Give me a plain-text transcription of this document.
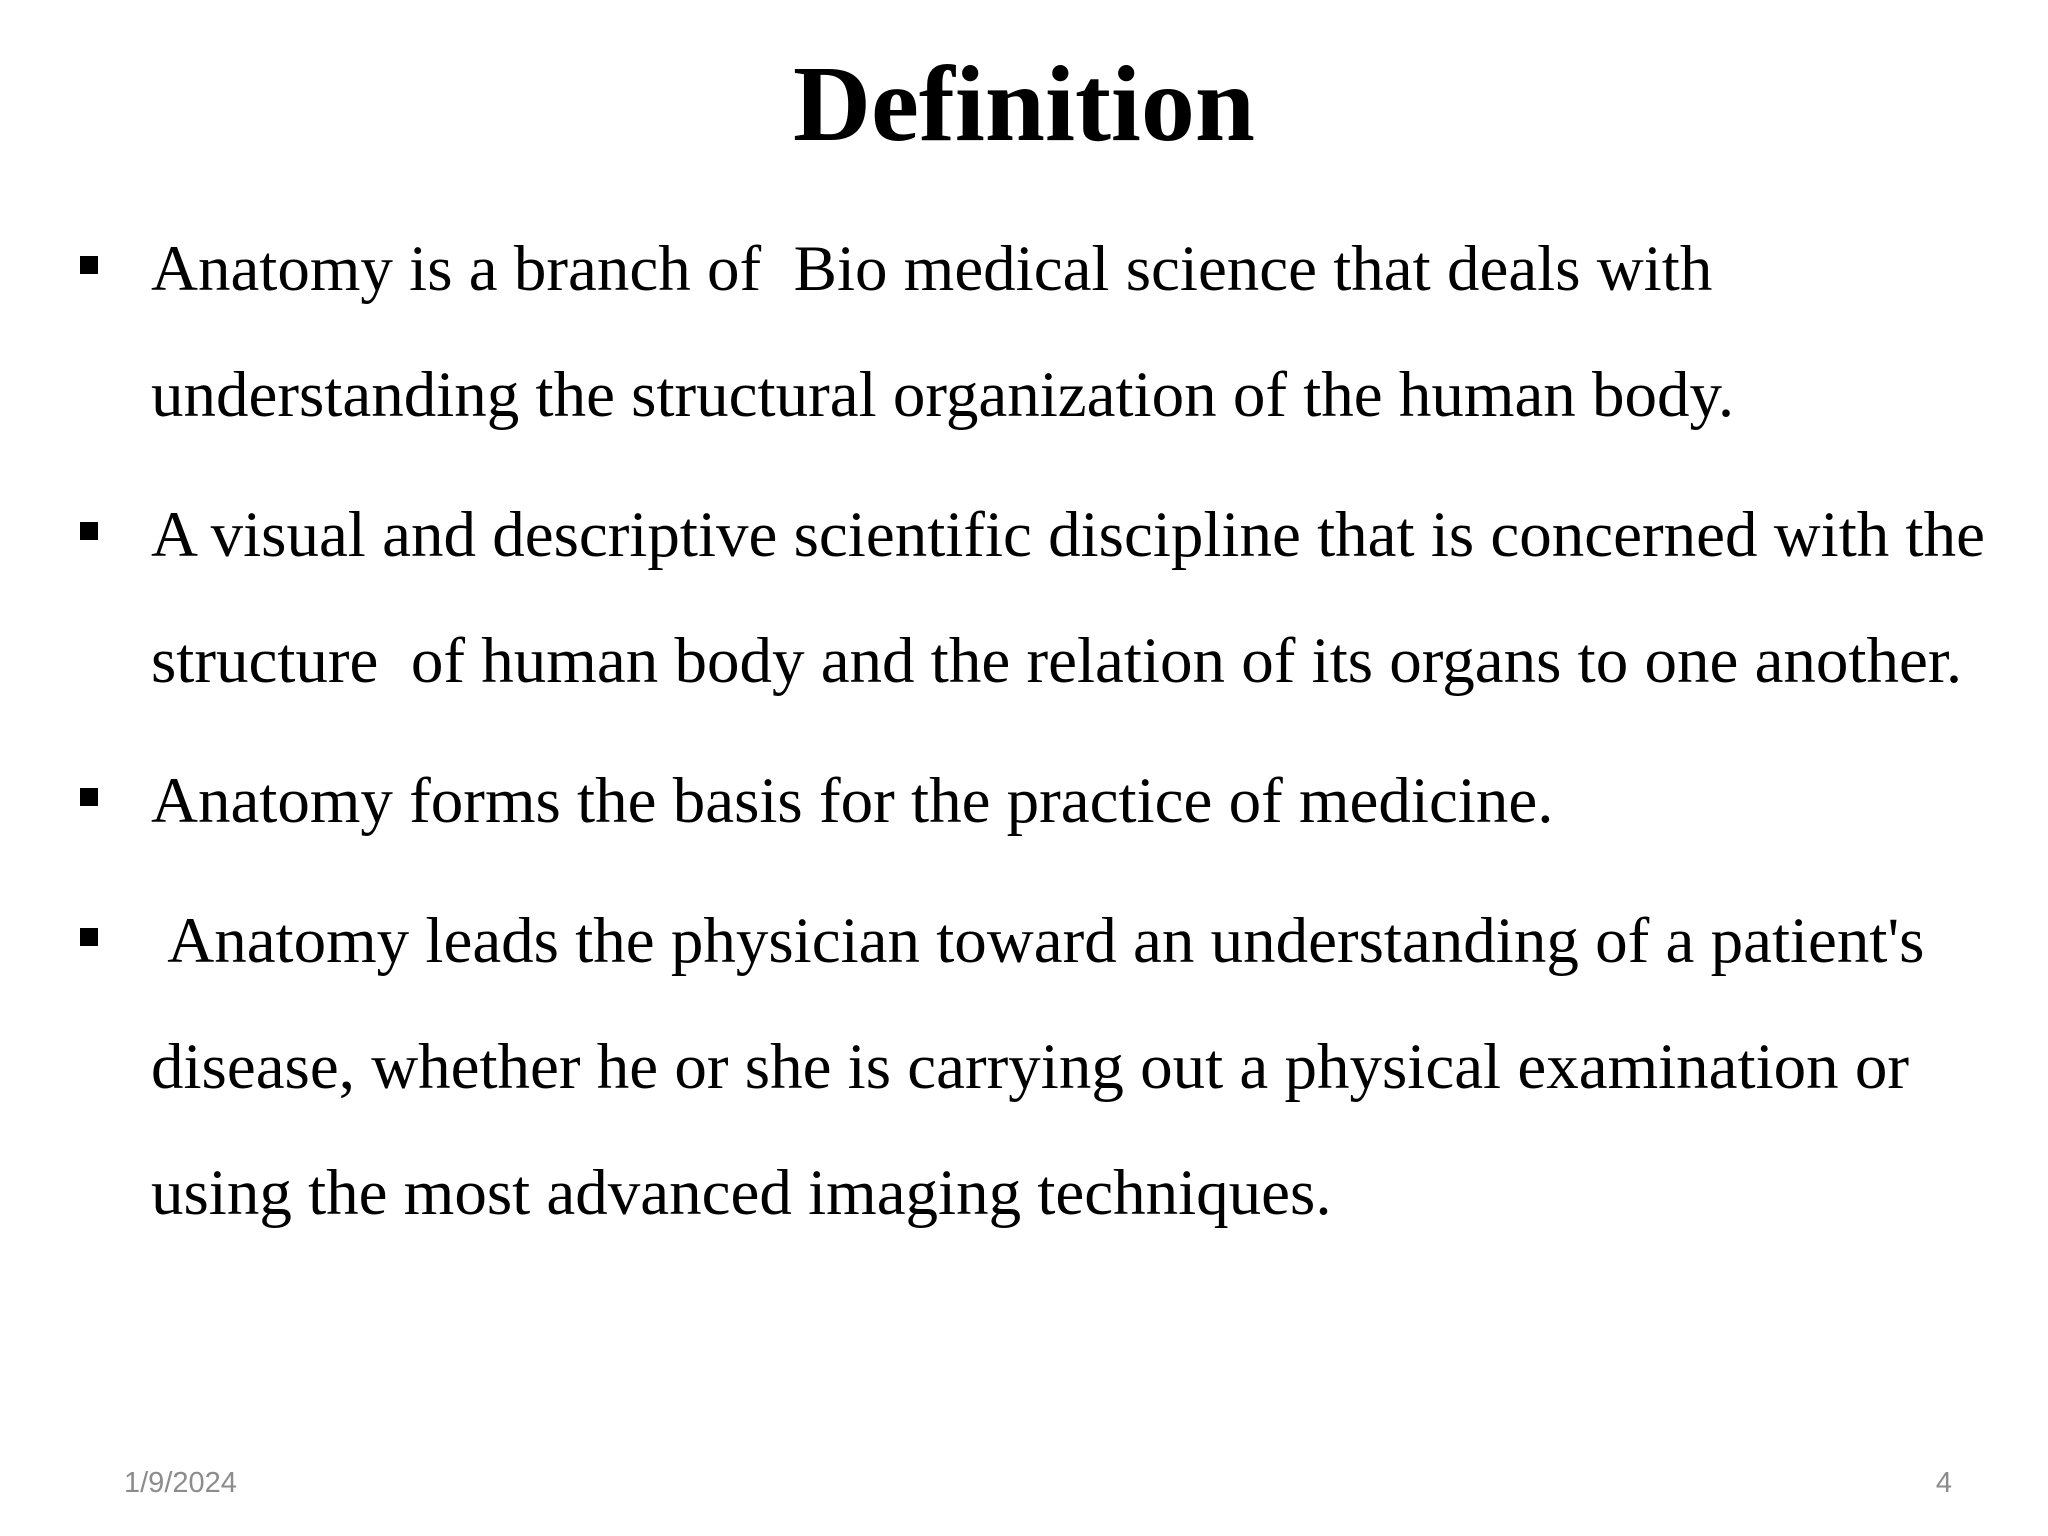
Definition
Anatomy is a branch of  Bio medical science that deals with understanding the structural organization of the human body.
A visual and descriptive scientific discipline that is concerned with the structure  of human body and the relation of its organs to one another.
Anatomy forms the basis for the practice of medicine.
Anatomy leads the physician toward an understanding of a patient's disease, whether he or she is carrying out a physical examination or using the most advanced imaging techniques.
1/9/2024	4
